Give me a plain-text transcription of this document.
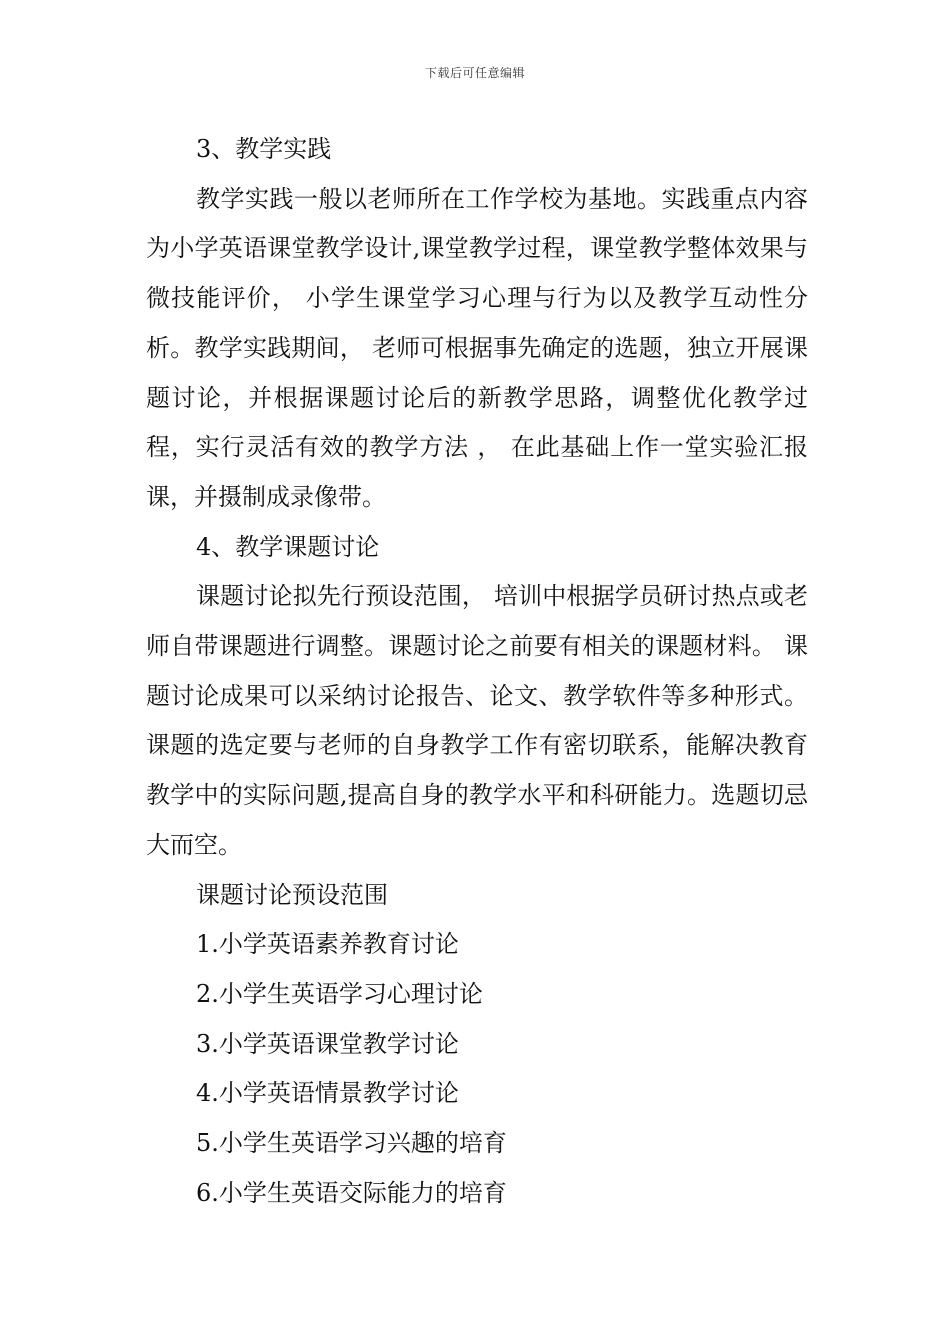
下载后可任意编辑

3、教学实践

教学实践一般以老师所在工作学校为基地。实践重点内容为小学英语课堂教学设计,课堂教学过程，课堂教学整体效果与微技能评价， 小学生课堂学习心理与行为以及教学互动性分析。教学实践期间， 老师可根据事先确定的选题，独立开展课题讨论，并根据课题讨论后的新教学思路，调整优化教学过程，实行灵活有效的教学方法 ， 在此基础上作一堂实验汇报课，并摄制成录像带。

4、教学课题讨论

课题讨论拟先行预设范围， 培训中根据学员研讨热点或老师自带课题进行调整。课题讨论之前要有相关的课题材料。 课题讨论成果可以采纳讨论报告、论文、教学软件等多种形式。 课题的选定要与老师的自身教学工作有密切联系，能解决教育教学中的实际问题,提高自身的教学水平和科研能力。选题切忌大而空。

课题讨论预设范围

1.小学英语素养教育讨论

2.小学生英语学习心理讨论

3.小学英语课堂教学讨论

4.小学英语情景教学讨论

5.小学生英语学习兴趣的培育

6.小学生英语交际能力的培育
